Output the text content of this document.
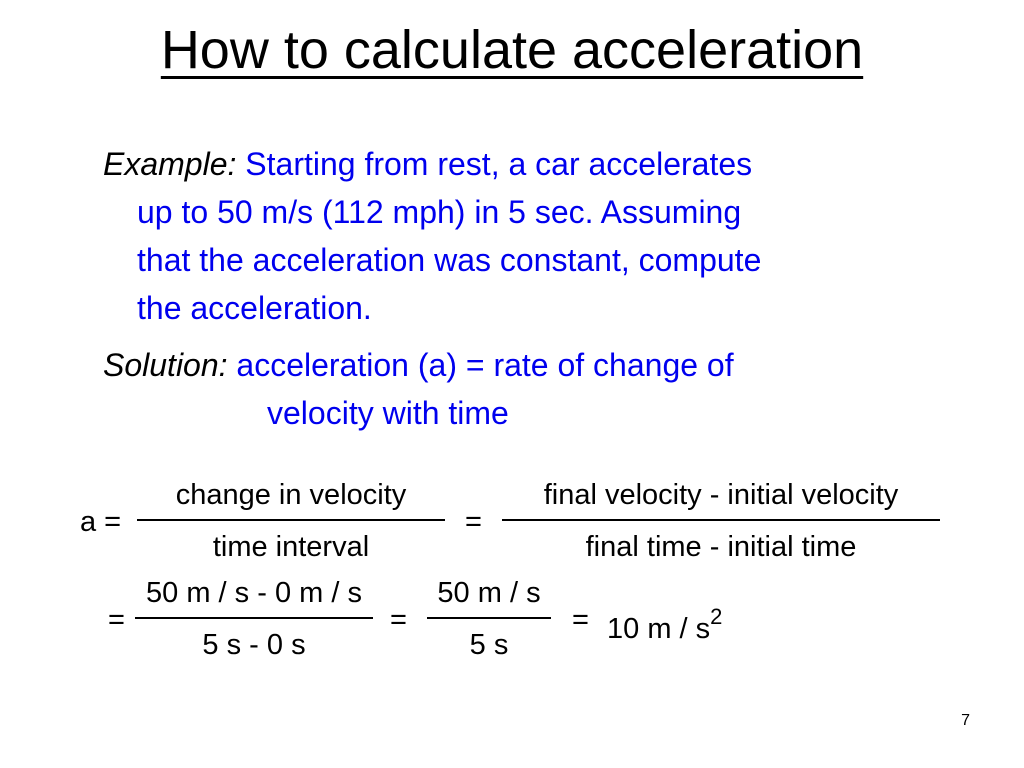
How to calculate acceleration
Example: Starting from rest, a car accelerates
up to 50 m/s (112 mph) in 5 sec. Assuming
that the acceleration was constant, compute
the acceleration.
Solution: acceleration (a) = rate of change of
velocity with time
a =
change in velocity
time interval
=
final velocity - initial velocity
final time - initial time
=
50 m / s - 0 m / s
5 s - 0 s
=
50 m / s
5 s
= 10 m / $s^2$
7
